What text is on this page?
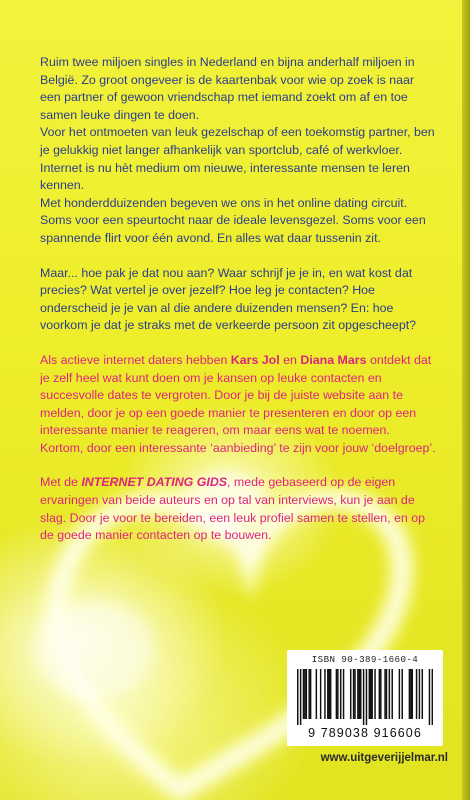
Ruim twee miljoen singles in Nederland en bijna anderhalf miljoen in België. Zo groot ongeveer is de kaartenbak voor wie op zoek is naar een partner of gewoon vriendschap met iemand zoekt om af en toe samen leuke dingen te doen.

Voor het ontmoeten van leuk gezelschap of een toekomstig partner, ben je gelukkig niet langer afhankelijk van sportclub, café of werkvloer. Internet is nu hèt medium om nieuwe, interessante mensen te leren kennen.

Met honderdduizenden begeven we ons in het online dating circuit. Soms voor een speurtocht naar de ideale levensgezel. Soms voor een spannende flirt voor één avond. En alles wat daar tussenin zit.

Maar... hoe pak je dat nou aan? Waar schrijf je je in, en wat kost dat precies? Wat vertel je over jezelf? Hoe leg je contacten? Hoe onderscheid je je van al die andere duizenden mensen? En: hoe voorkom je dat je straks met de verkeerde persoon zit opgescheept?

Als actieve internet daters hebben Kars Jol en Diana Mars ontdekt dat je zelf heel wat kunt doen om je kansen op leuke contacten en succesvolle dates te vergroten. Door je bij de juiste website aan te melden, door je op een goede manier te presenteren en door op een interessante manier te reageren, om maar eens wat te noemen. Kortom, door een interessante ‘aanbieding’ te zijn voor jouw ‘doelgroep’.

Met de INTERNET DATING GIDS, mede gebaseerd op de eigen ervaringen van beide auteurs en op tal van interviews, kun je aan de slag. Door je voor te bereiden, een leuk profiel samen te stellen, en op de goede manier contacten op te bouwen.

ISBN 90-389-1660-4
9 789038 916606
www.uitgeverijjelmar.nl
